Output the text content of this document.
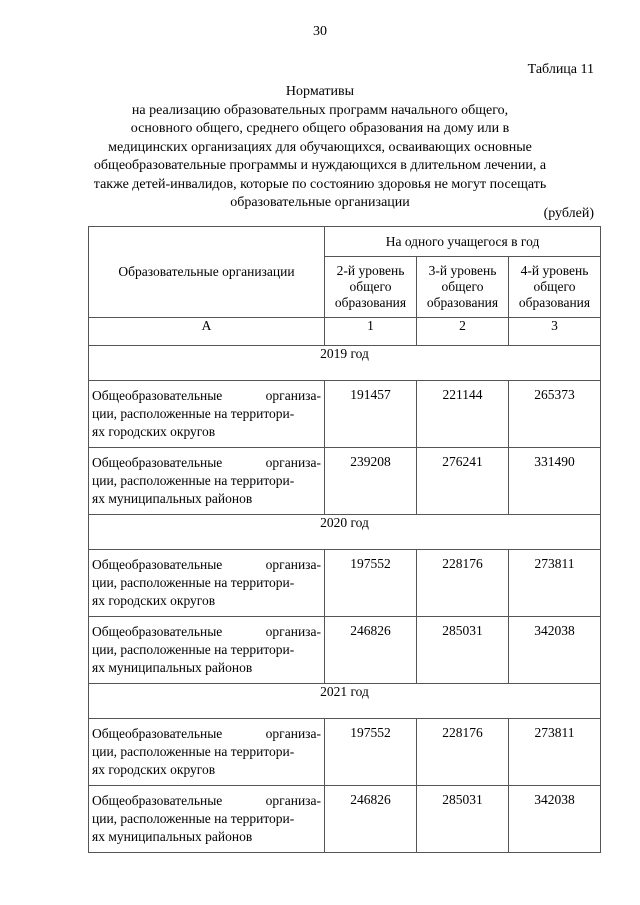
30
Таблица 11
Нормативы
на реализацию образовательных программ начального общего,
основного общего, среднего общего образования на дому или в
медицинских организациях для обучающихся, осваивающих основные
общеобразовательные программы и нуждающихся в длительном лечении, а
также детей-инвалидов, которые по состоянию здоровья не могут посещать
образовательные организации
(рублей)
Образовательные организации	На одного учащегося в год		
	2-й уровень
общего
образования	3-й уровень
общего
образования	4-й уровень
общего
образования
А	1	2	3
2019 год			

Общеобразовательные организа-
ции, расположенные на территори-
ях городских округов	191457	221144	265373

Общеобразовательные организа-
ции, расположенные на территори-
ях муниципальных районов	239208	276241	331490
2020 год			

Общеобразовательные организа-
ции, расположенные на территори-
ях городских округов	197552	228176	273811

Общеобразовательные организа-
ции, расположенные на территори-
ях муниципальных районов	246826	285031	342038
2021 год			

Общеобразовательные организа-
ции, расположенные на территори-
ях городских округов	197552	228176	273811

Общеобразовательные организа-
ции, расположенные на территори-
ях муниципальных районов	246826	285031	342038
